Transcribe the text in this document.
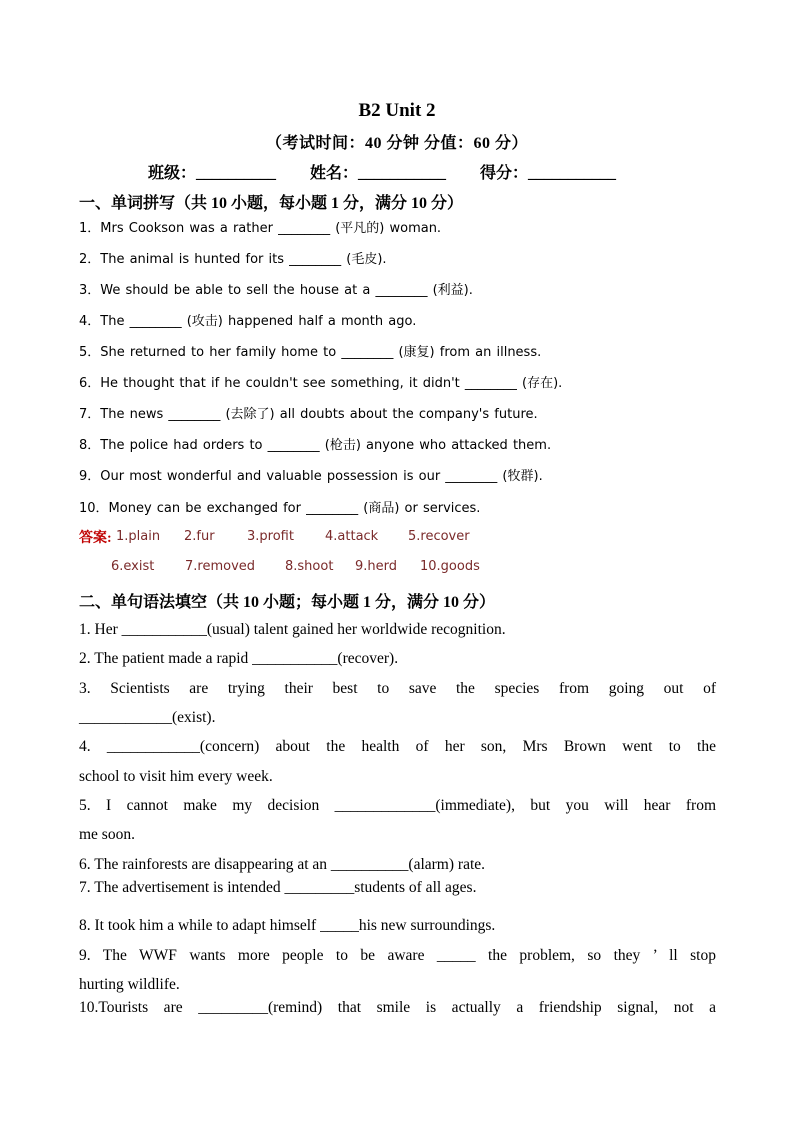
B2 Unit 2
（考试时间：40 分钟 分值：60 分）
班级：__________ 姓名：___________ 得分：___________
一、单词拼写（共 10 小题，每小题 1 分，满分 10 分）
1．Mrs Cookson was a rather ________ (平凡的) woman.
2．The animal is hunted for its ________ (毛皮).
3．We should be able to sell the house at a ________ (利益).
4．The ________ (攻击) happened half a month ago.
5．She returned to her family home to ________ (康复) from an illness.
6．He thought that if he couldn't see something, it didn't ________ (存在).
7．The news ________ (去除了) all doubts about the company's future.
8．The police had orders to ________ (枪击) anyone who attacked them.
9．Our most wonderful and valuable possession is our ________ (牧群).
10．Money can be exchanged for ________ (商品) or services.
答案: 1.plain 2.fur 3.profit 4.attack 5.recover
6.exist 7.removed 8.shoot 9.herd 10.goods
二、单句语法填空（共 10 小题；每小题 1 分，满分 10 分）
1. Her ___________(usual) talent gained her worldwide recognition.
2. The patient made a rapid ___________(recover).
3. Scientists are trying their best to save the species from going out of
____________(exist).
4. ____________(concern) about the health of her son, Mrs Brown went to the
school to visit him every week.
5. I cannot make my decision _____________(immediate), but you will hear from
me soon.
6. The rainforests are disappearing at an __________(alarm) rate.
7. The advertisement is intended _________students of all ages.
8. It took him a while to adapt himself _____his new surroundings.
9. The WWF wants more people to be aware _____ the problem, so they ’ ll stop
hurting wildlife.
10.Tourists are _________(remind) that smile is actually a friendship signal, not a
